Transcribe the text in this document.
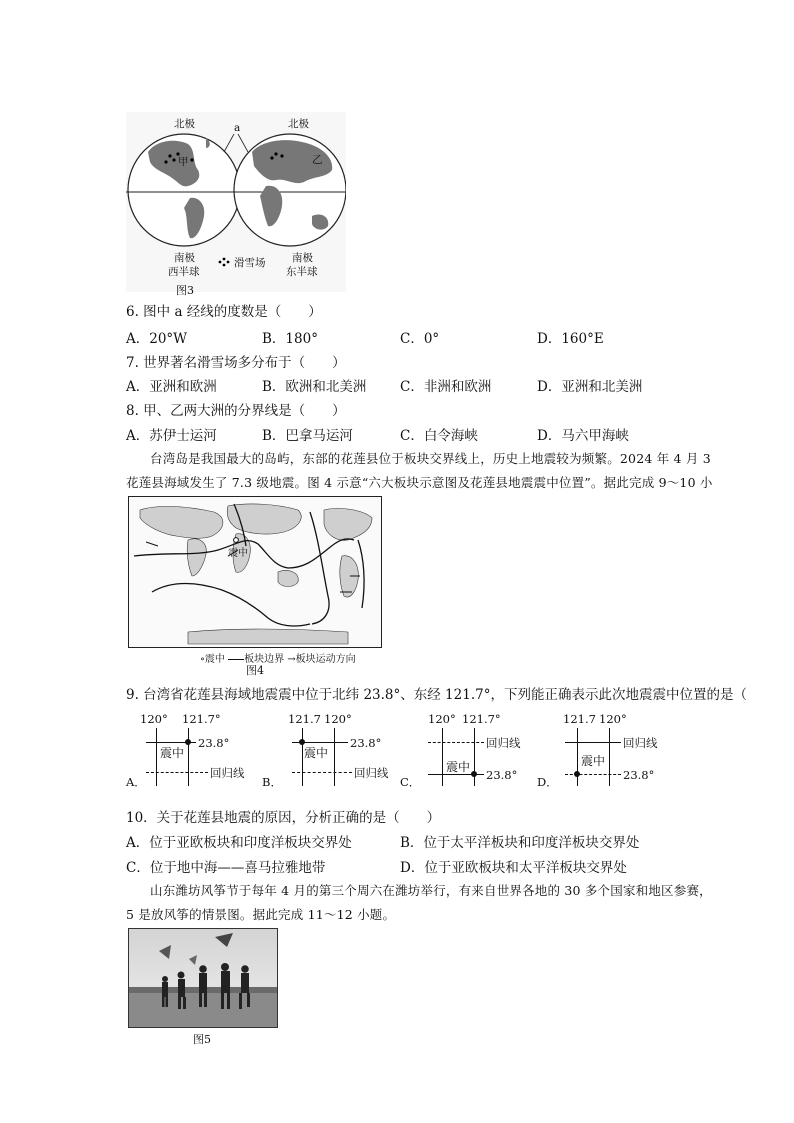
北极	北极
a
甲	乙
南极
西半球
滑雪场	南极
东半球
图3
6. 图中 a 经线的度数是（　　）
A．20°W	B．180°	C．0°	D．160°E
7. 世界著名滑雪场多分布于（　　）
A．亚洲和欧洲	B．欧洲和北美洲 C．非洲和欧洲	D．亚洲和北美洲
8. 甲、乙两大洲的分界线是（　　）
A．苏伊士运河	B．巴拿马运河	C．白令海峡	D．马六甲海峡
台湾岛是我国最大的岛屿，东部的花莲县位于板块交界线上，历史上地震较为频繁。2024 年 4 月 3
花莲县海域发生了 7.3 级地震。图 4 示意“六大板块示意图及花莲县地震震中位置”。据此完成 9～10 小
震中
∘震中 板块边界 →板块运动方向
图4
9. 台湾省花莲县海域地震震中位于北纬 23.8°、东经 121.7°，下列能正确表示此次地震震中位置的是（
A．
120° 121.7°
震中
23.8°
回归线
B．
121.7 120°
震中
23.8°
回归线
C．
120° 121.7°
回归线
震中
23.8° D．
121.7 120°
回归线
震中
23.8°
10．关于花莲县地震的原因，分析正确的是（　　）
A．位于亚欧板块和印度洋板块交界处	B．位于太平洋板块和印度洋板块交界处
C．位于地中海——喜马拉雅地带	D．位于亚欧板块和太平洋板块交界处
山东潍坊风筝节于每年 4 月的第三个周六在潍坊举行，有来自世界各地的 30 多个国家和地区参赛，
5 是放风筝的情景图。据此完成 11～12 小题。
图5
